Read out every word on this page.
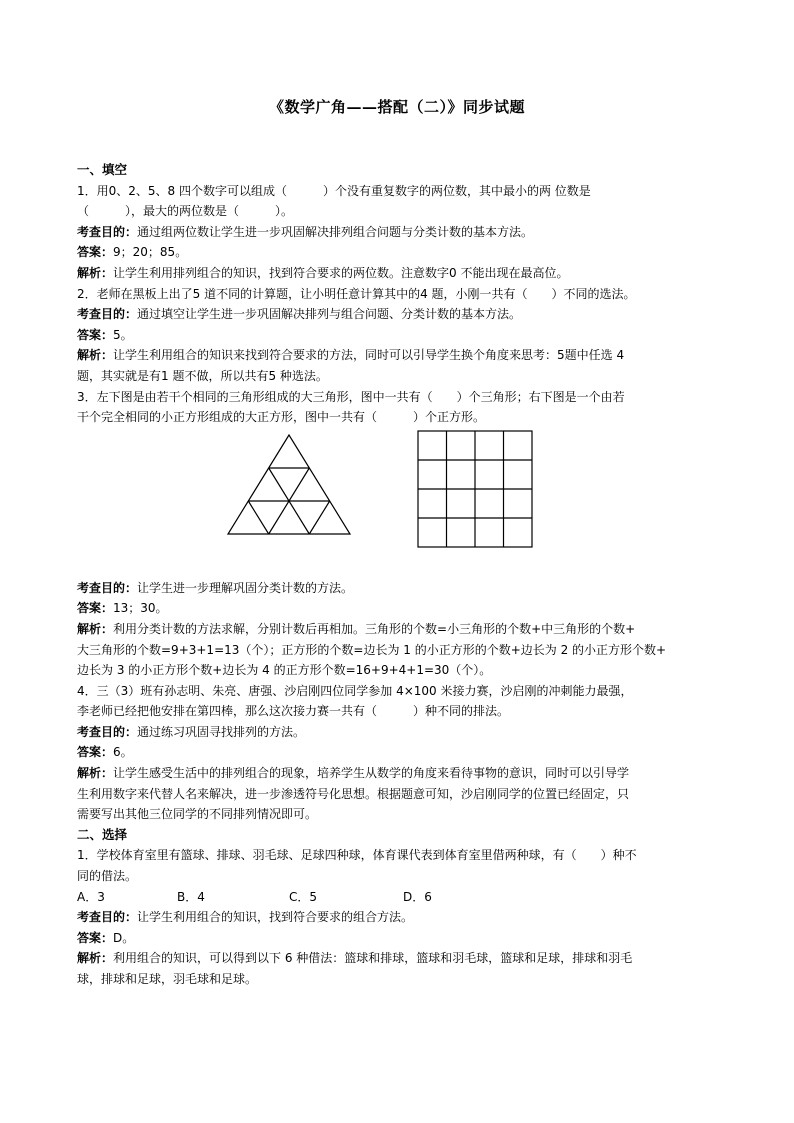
《数学广角——搭配（二）》同步试题

一、填空

1．用0、2、5、8 四个数字可以组成（　　　）个没有重复数字的两位数，其中最小的两 位数是

（　　　），最大的两位数是（　　　）。

考查目的：通过组两位数让学生进一步巩固解决排列组合问题与分类计数的基本方法。

答案：9；20；85。

解析：让学生利用排列组合的知识，找到符合要求的两位数。注意数字0 不能出现在最高位。

2．老师在黑板上出了5 道不同的计算题，让小明任意计算其中的4 题，小刚一共有（　　）不同的选法。

考查目的：通过填空让学生进一步巩固解决排列与组合问题、分类计数的基本方法。

答案：5。

解析：让学生利用组合的知识来找到符合要求的方法，同时可以引导学生换个角度来思考：5题中任选 4

题，其实就是有1 题不做，所以共有5 种选法。

3．左下图是由若干个相同的三角形组成的大三角形，图中一共有（　　）个三角形；右下图是一个由若

干个完全相同的小正方形组成的大正方形，图中一共有（　　　）个正方形。

考查目的：让学生进一步理解巩固分类计数的方法。

答案：13；30。

解析：利用分类计数的方法求解，分别计数后再相加。三角形的个数=小三角形的个数+中三角形的个数+

大三角形的个数=9+3+1=13（个）；正方形的个数=边长为 1 的小正方形的个数+边长为 2 的小正方形个数+

边长为 3 的小正方形个数+边长为 4 的正方形个数=16+9+4+1=30（个）。

4．三（3）班有孙志明、朱亮、唐强、沙启刚四位同学参加 4×100 米接力赛，沙启刚的冲刺能力最强，

李老师已经把他安排在第四棒，那么这次接力赛一共有（　　　）种不同的排法。

考查目的：通过练习巩固寻找排列的方法。

答案：6。

解析：让学生感受生活中的排列组合的现象，培养学生从数学的角度来看待事物的意识，同时可以引导学

生利用数字来代替人名来解决，进一步渗透符号化思想。根据题意可知，沙启刚同学的位置已经固定，只

需要写出其他三位同学的不同排列情况即可。

二、选择

1．学校体育室里有篮球、排球、羽毛球、足球四种球，体育课代表到体育室里借两种球，有（　　）种不

同的借法。

A．3	B．4	C．5	D．6

考查目的：让学生利用组合的知识，找到符合要求的组合方法。

答案：D。

解析：利用组合的知识，可以得到以下 6 种借法：篮球和排球，篮球和羽毛球，篮球和足球，排球和羽毛

球，排球和足球，羽毛球和足球。
